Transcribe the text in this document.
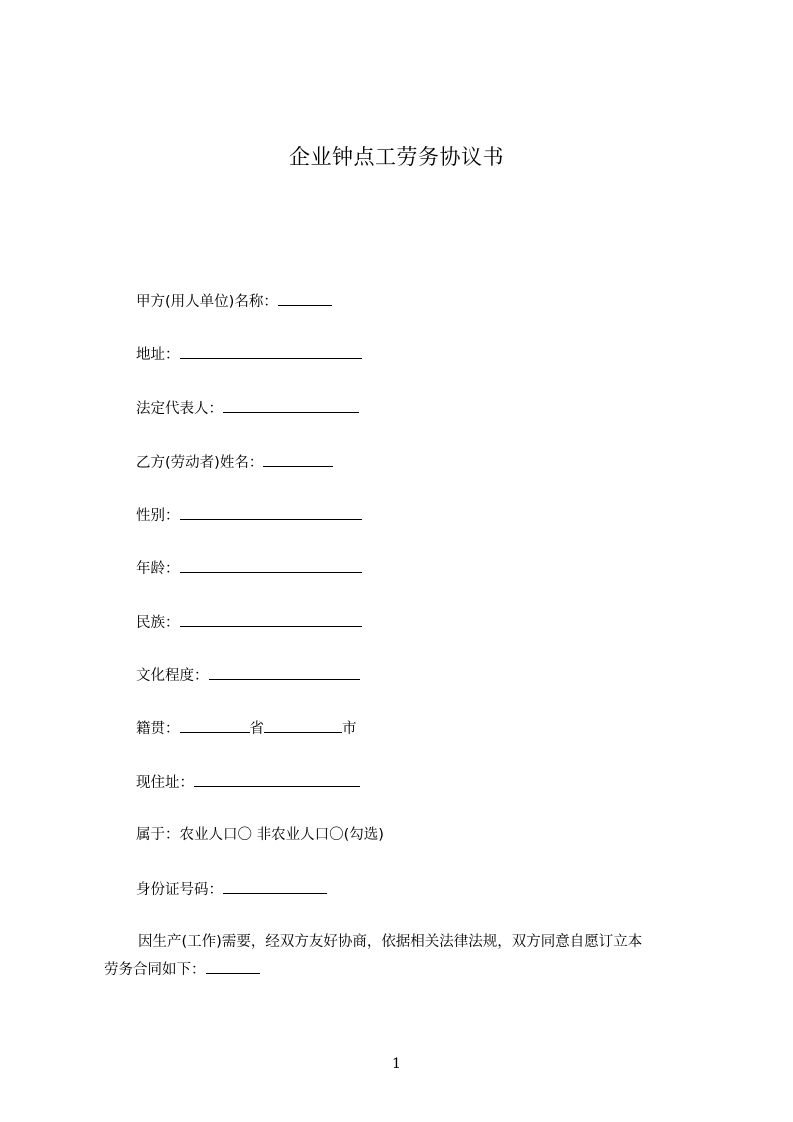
企业钟点工劳务协议书
甲方(用人单位)名称：
地址：
法定代表人：
乙方(劳动者)姓名：
性别：
年龄：
民族：
文化程度：
籍贯：	省	市
现住址：
属于：农业人口〇 非农业人口〇(勾选)
身份证号码：
因生产(工作)需要，经双方友好协商，依据相关法律法规，双方同意自愿订立本
劳务合同如下：
1
